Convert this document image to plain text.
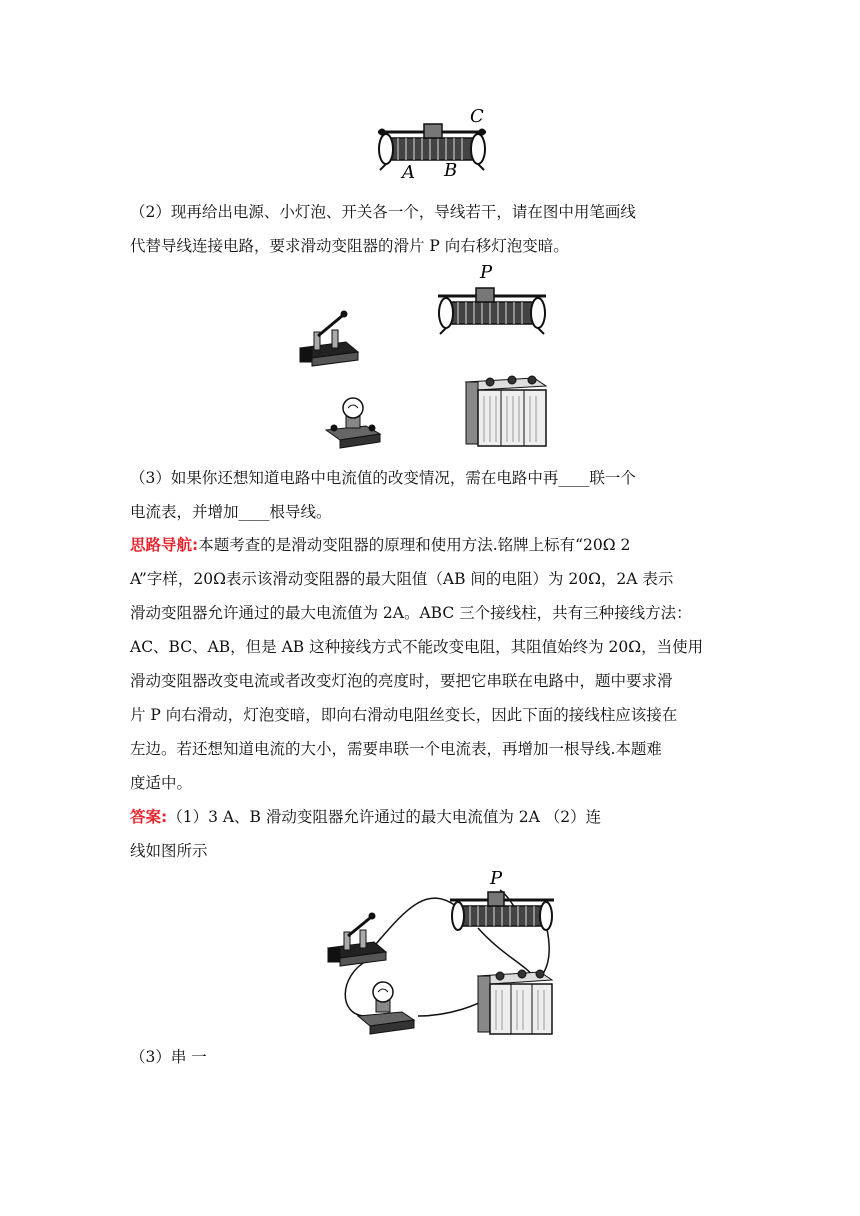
C
A B

（2）现再给出电源、小灯泡、开关各一个，导线若干，请在图中用笔画线

代替导线连接电路，要求滑动变阻器的滑片 P 向右移灯泡变暗。

P

（3）如果你还想知道电路中电流值的改变情况，需在电路中再____联一个

电流表，并增加____根导线。

思路导航:本题考查的是滑动变阻器的原理和使用方法.铭牌上标有“20Ω 2

A”字样，20Ω表示该滑动变阻器的最大阻值（AB 间的电阻）为 20Ω，2A 表示

滑动变阻器允许通过的最大电流值为 2A。ABC 三个接线柱，共有三种接线方法：

AC、BC、AB，但是 AB 这种接线方式不能改变电阻，其阻值始终为 20Ω，当使用

滑动变阻器改变电流或者改变灯泡的亮度时，要把它串联在电路中，题中要求滑

片 P 向右滑动，灯泡变暗，即向右滑动电阻丝变长，因此下面的接线柱应该接在

左边。若还想知道电流的大小，需要串联一个电流表，再增加一根导线.本题难

度适中。

答案:（1）3 A、B 滑动变阻器允许通过的最大电流值为 2A （2）连

线如图所示

P

（3）串 一
